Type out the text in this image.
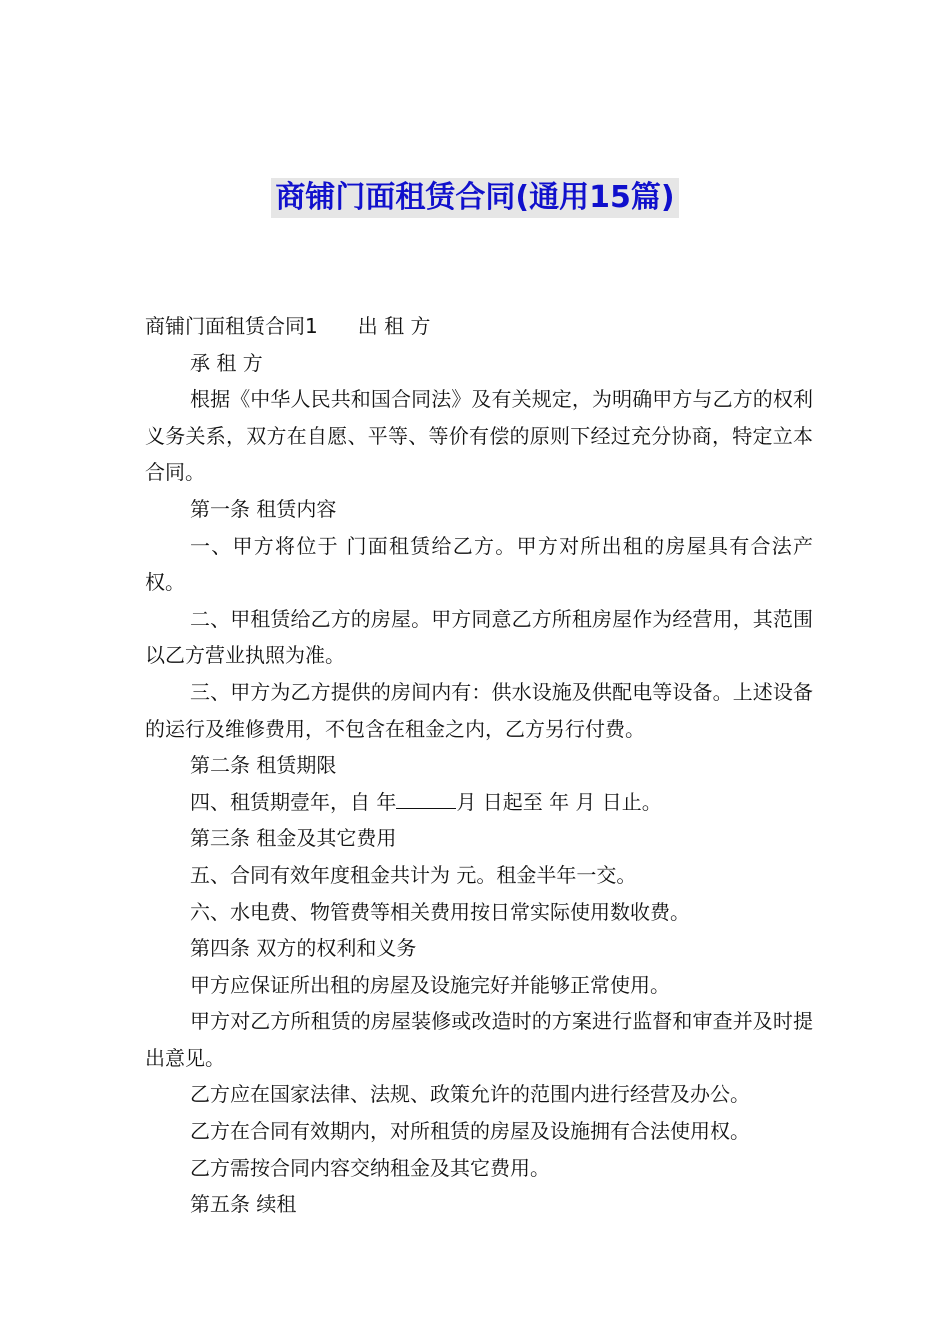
商铺门面租赁合同(通用15篇)

商铺门面租赁合同1　　出 租 方

承 租 方

根据《中华人民共和国合同法》及有关规定，为明确甲方与乙方的权利义务关系，双方在自愿、平等、等价有偿的原则下经过充分协商，特定立本合同。

第一条 租赁内容

一、甲方将位于 门面租赁给乙方。甲方对所出租的房屋具有合法产权。

二、甲租赁给乙方的房屋。甲方同意乙方所租房屋作为经营用，其范围以乙方营业执照为准。

三、甲方为乙方提供的房间内有：供水设施及供配电等设备。上述设备的运行及维修费用，不包含在租金之内，乙方另行付费。

第二条 租赁期限

四、租赁期壹年，自 年	月 日起至 年 月 日止。

第三条 租金及其它费用

五、合同有效年度租金共计为 元。租金半年一交。

六、水电费、物管费等相关费用按日常实际使用数收费。

第四条 双方的权利和义务

甲方应保证所出租的房屋及设施完好并能够正常使用。

甲方对乙方所租赁的房屋装修或改造时的方案进行监督和审查并及时提出意见。

乙方应在国家法律、法规、政策允许的范围内进行经营及办公。

乙方在合同有效期内，对所租赁的房屋及设施拥有合法使用权。

乙方需按合同内容交纳租金及其它费用。

第五条 续租
